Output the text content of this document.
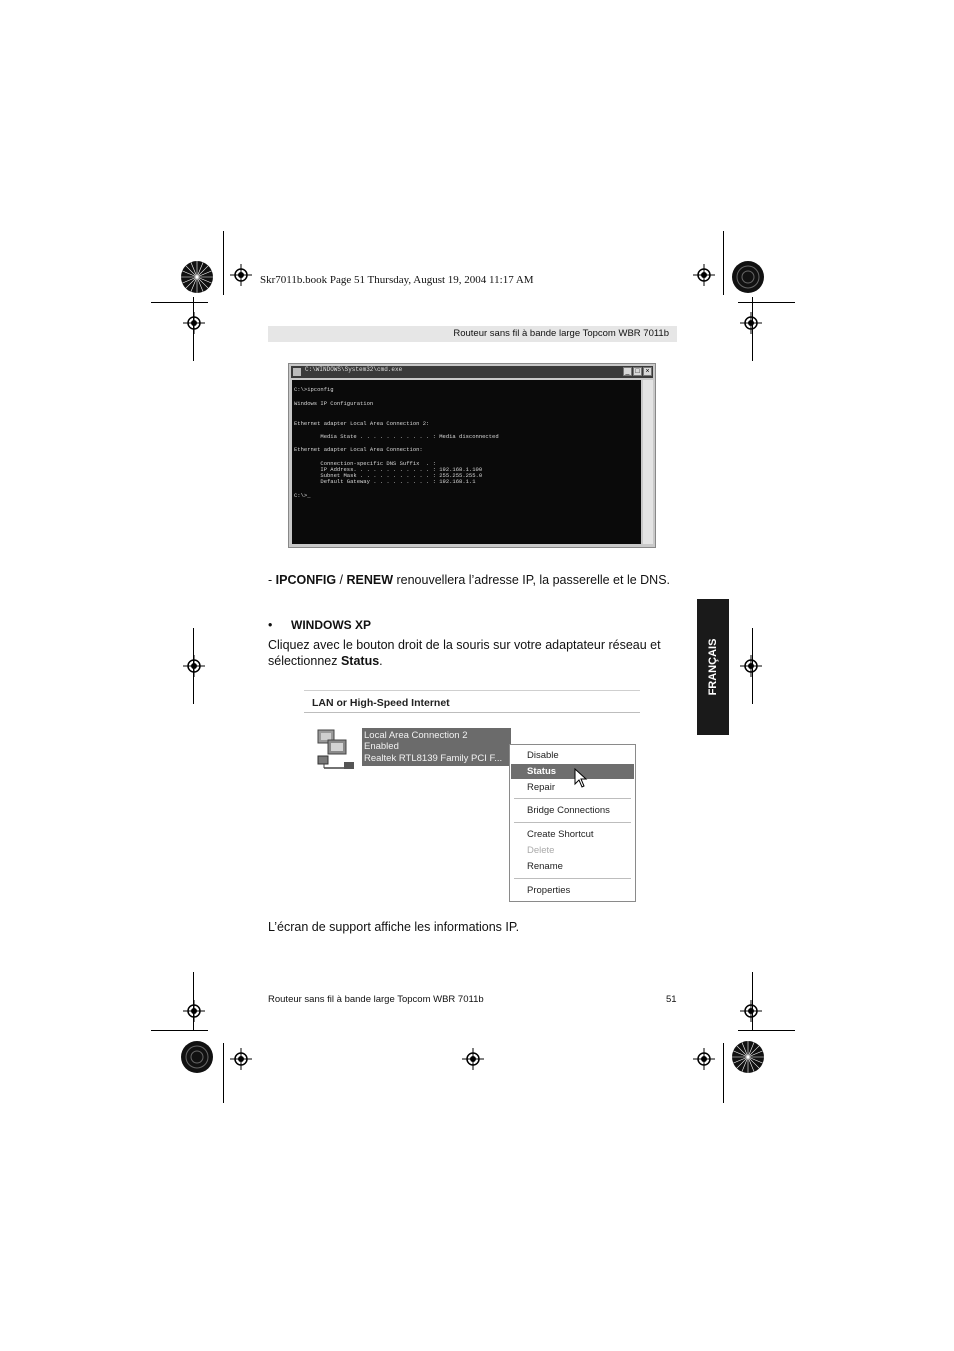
Skr7011b.book Page 51 Thursday, August 19, 2004 11:17 AM
Routeur sans fil à bande large Topcom WBR 7011b
C:\WINDOWS\System32\cmd.exe	_ □ ×
C:\>ipconfig
Windows IP Configuration
Ethernet adapter Local Area Connection 2:
Media State . . . . . . . . . . . : Media disconnected
Ethernet adapter Local Area Connection:
Connection-specific DNS Suffix  . :
IP Address. . . . . . . . . . . . : 192.168.1.100
Subnet Mask . . . . . . . . . . . : 255.255.255.0
Default Gateway . . . . . . . . . : 192.168.1.1
C:\>_
- IPCONFIG / RENEW renouvellera l’adresse IP, la passerelle et le DNS.
• WINDOWS XP
Cliquez avec le bouton droit de la souris sur votre adaptateur réseau et
sélectionnez Status.	FRANÇAIS
LAN or High-Speed Internet
Local Area Connection 2
Enabled
Realtek RTL8139 Family PCI F...	Disable
Status
Repair
Bridge Connections
Create Shortcut
Delete
Rename
Properties
L’écran de support affiche les informations IP.
Routeur sans fil à bande large Topcom WBR 7011b	51
